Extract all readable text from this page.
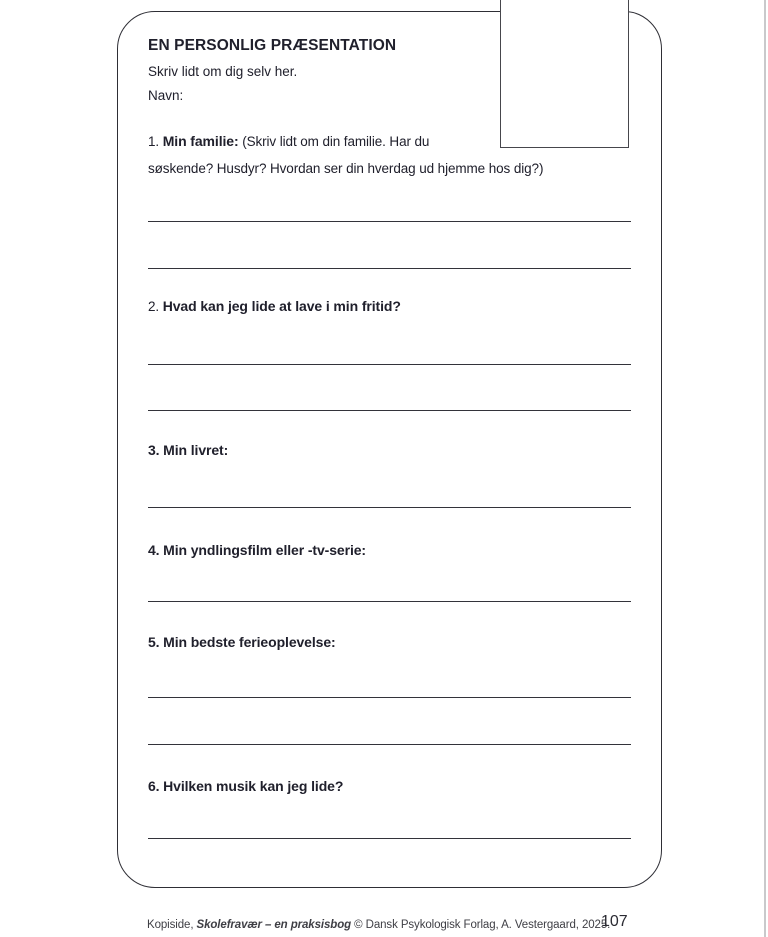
EN PERSONLIG PRÆSENTATION
Skriv lidt om dig selv her.
Navn:
1. Min familie: (Skriv lidt om din familie. Har du
søskende? Husdyr? Hvordan ser din hverdag ud hjemme hos dig?)
2. Hvad kan jeg lide at lave i min fritid?
3. Min livret:
4. Min yndlingsfilm eller -tv-serie:
5. Min bedste ferieoplevelse:
6. Hvilken musik kan jeg lide?
Kopiside, Skolefravær – en praksisbog © Dansk Psykologisk Forlag, A. Vestergaard, 2025.
107
